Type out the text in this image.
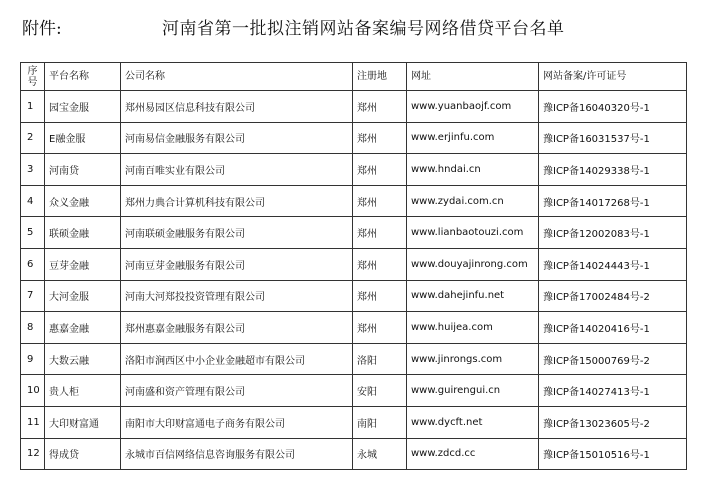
附件:	河南省第一批拟注销网站备案编号网络借贷平台名单
序号	平台名称	公司名称	注册地	网址	网站备案/许可证号
1	园宝金服	郑州易园区信息科技有限公司	郑州	www.yuanbaojf.com	豫ICP备16040320号-1
2	E融金服	河南易信金融服务有限公司	郑州	www.erjinfu.com	豫ICP备16031537号-1
3	河南贷	河南百唯实业有限公司	郑州	www.hndai.cn	豫ICP备14029338号-1
4	众义金融	郑州力典合计算机科技有限公司	郑州	www.zydai.com.cn	豫ICP备14017268号-1
5	联硕金融	河南联硕金融服务有限公司	郑州	www.lianbaotouzi.com	豫ICP备12002083号-1
6	豆芽金融	河南豆芽金融服务有限公司	郑州	www.douyajinrong.com	豫ICP备14024443号-1
7	大河金服	河南大河郑投投资管理有限公司	郑州	www.dahejinfu.net	豫ICP备17002484号-2
8	惠嘉金融	郑州惠嘉金融服务有限公司	郑州	www.huijea.com	豫ICP备14020416号-1
9	大数云融	洛阳市涧西区中小企业金融超市有限公司	洛阳	www.jinrongs.com	豫ICP备15000769号-2
10	贵人柜	河南盛和资产管理有限公司	安阳	www.guirengui.cn	豫ICP备14027413号-1
11	大印财富通	南阳市大印财富通电子商务有限公司	南阳	www.dycft.net	豫ICP备13023605号-2
12	得成贷	永城市百信网络信息咨询服务有限公司	永城	www.zdcd.cc	豫ICP备15010516号-1
